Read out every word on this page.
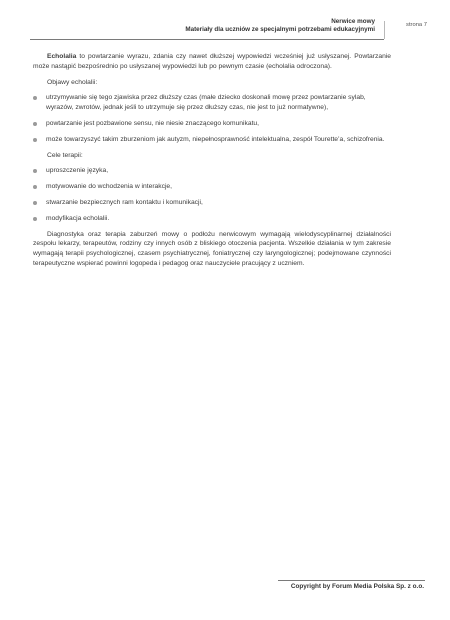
Nerwice mowy
Materiały dla uczniów ze specjalnymi potrzebami edukacyjnymi
strona 7

Echolalia to powtarzanie wyrazu, zdania czy nawet dłuższej wypowiedzi wcześniej już usłyszanej. Powtarzanie może nastąpić bezpośrednio po usłyszanej wypowiedzi lub po pewnym czasie (echolalia odroczona).

Objawy echolalii:

utrzymywanie się tego zjawiska przez dłuższy czas (małe dziecko doskonali mowę przez powtarzanie sylab, wyrazów, zwrotów, jednak jeśli to utrzymuje się przez dłuższy czas, nie jest to już normatywne),
powtarzanie jest pozbawione sensu, nie niesie znaczącego komunikatu,
może towarzyszyć takim zburzeniom jak autyzm, niepełnosprawność intelektualna, zespół Tourette’a, schizofrenia.

Cele terapii:

uproszczenie języka,
motywowanie do wchodzenia w interakcje,
stwarzanie bezpiecznych ram kontaktu i komunikacji,
modyfikacja echolalii.

Diagnostyka oraz terapia zaburzeń mowy o podłożu nerwicowym wymagają wielodyscyplinarnej działalności zespołu lekarzy, terapeutów, rodziny czy innych osób z bliskiego otoczenia pacjenta. Wszelkie działania w tym zakresie wymagają terapii psychologicznej, czasem psychiatrycznej, foniatrycznej czy laryngologicznej; podejmowane czynności terapeutyczne wspierać powinni logopeda i pedagog oraz nauczyciele pracujący z uczniem.

Copyright by Forum Media Polska Sp. z o.o.
